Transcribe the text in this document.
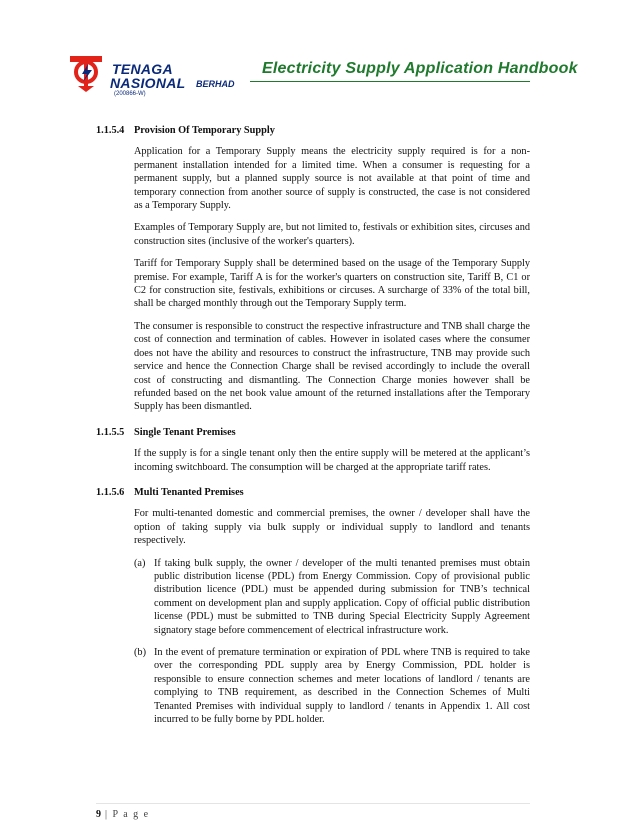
TENAGA
NASIONAL BERHAD
(200866-W)
Electricity Supply Application Handbook
1.1.5.4 Provision Of Temporary Supply
Application for a Temporary Supply means the electricity supply required is for a non-permanent installation intended for a limited time. When a consumer is requesting for a permanent supply, but a planned supply source is not available at that point of time and temporary connection from another source of supply is constructed, the case is not considered as a Temporary Supply.
Examples of Temporary Supply are, but not limited to, festivals or exhibition sites, circuses and construction sites (inclusive of the worker's quarters).
Tariff for Temporary Supply shall be determined based on the usage of the Temporary Supply premise. For example, Tariff A is for the worker's quarters on construction site, Tariff B, C1 or C2 for construction site, festivals, exhibitions or circuses. A surcharge of 33% of the total bill, shall be charged monthly through out the Temporary Supply term.
The consumer is responsible to construct the respective infrastructure and TNB shall charge the cost of connection and termination of cables. However in isolated cases where the consumer does not have the ability and resources to construct the infrastructure, TNB may provide such service and hence the Connection Charge shall be revised accordingly to include the overall cost of constructing and dismantling. The Connection Charge monies however shall be refunded based on the net book value amount of the returned installations after the Temporary Supply has been dismantled.
1.1.5.5 Single Tenant Premises
If the supply is for a single tenant only then the entire supply will be metered at the applicant’s incoming switchboard. The consumption will be charged at the appropriate tariff rates.
1.1.5.6 Multi Tenanted Premises
For multi-tenanted domestic and commercial premises, the owner / developer shall have the option of taking supply via bulk supply or individual supply to landlord and tenants respectively.
(a) If taking bulk supply, the owner / developer of the multi tenanted premises must obtain public distribution license (PDL) from Energy Commission. Copy of provisional public distribution licence (PDL) must be appended during submission for TNB’s technical comment on development plan and supply application. Copy of official public distribution license (PDL) must be submitted to TNB during Special Electricity Supply Agreement signatory stage before commencement of electrical infrastructure work.
(b) In the event of premature termination or expiration of PDL where TNB is required to take over the corresponding PDL supply area by Energy Commission, PDL holder is responsible to ensure connection schemes and meter locations of landlord / tenants are complying to TNB requirement, as described in the Connection Schemes of Multi Tenanted Premises with individual supply to landlord / tenants in Appendix 1. All cost incurred to be fully borne by PDL holder.
9 | P a g e
